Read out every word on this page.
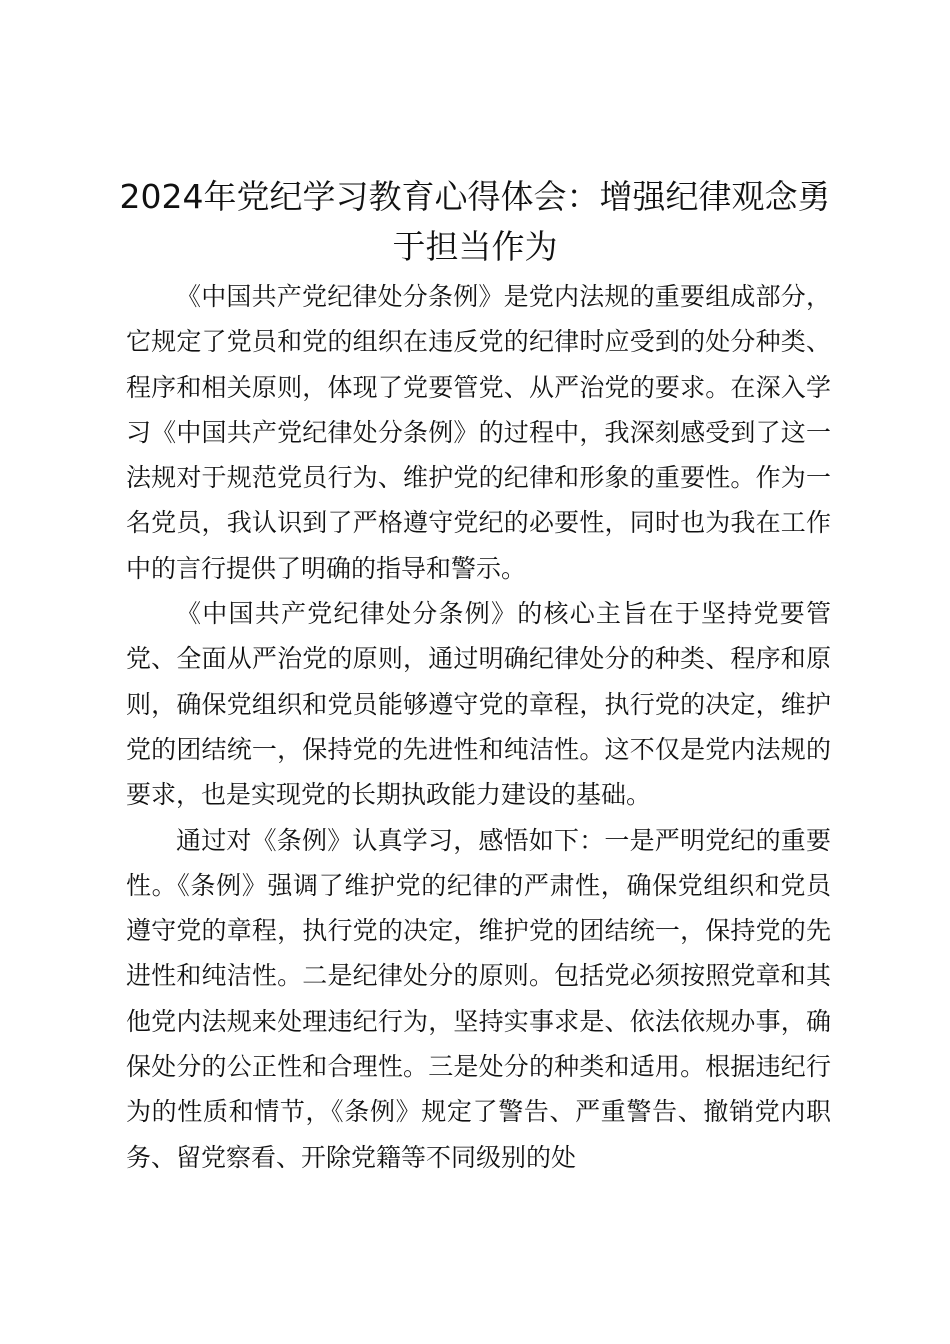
2024年党纪学习教育心得体会：增强纪律观念勇于担当作为

《中国共产党纪律处分条例》是党内法规的重要组成部分，它规定了党员和党的组织在违反党的纪律时应受到的处分种类、程序和相关原则，体现了党要管党、从严治党的要求。在深入学习《中国共产党纪律处分条例》的过程中，我深刻感受到了这一法规对于规范党员行为、维护党的纪律和形象的重要性。作为一名党员，我认识到了严格遵守党纪的必要性，同时也为我在工作中的言行提供了明确的指导和警示。

《中国共产党纪律处分条例》的核心主旨在于坚持党要管党、全面从严治党的原则，通过明确纪律处分的种类、程序和原则，确保党组织和党员能够遵守党的章程，执行党的决定，维护党的团结统一，保持党的先进性和纯洁性。这不仅是党内法规的要求，也是实现党的长期执政能力建设的基础。

通过对《条例》认真学习，感悟如下：一是严明党纪的重要性。《条例》强调了维护党的纪律的严肃性，确保党组织和党员遵守党的章程，执行党的决定，维护党的团结统一，保持党的先进性和纯洁性。二是纪律处分的原则。包括党必须按照党章和其他党内法规来处理违纪行为，坚持实事求是、依法依规办事，确保处分的公正性和合理性。三是处分的种类和适用。根据违纪行为的性质和情节，《条例》规定了警告、严重警告、撤销党内职务、留党察看、开除党籍等不同级别的处
